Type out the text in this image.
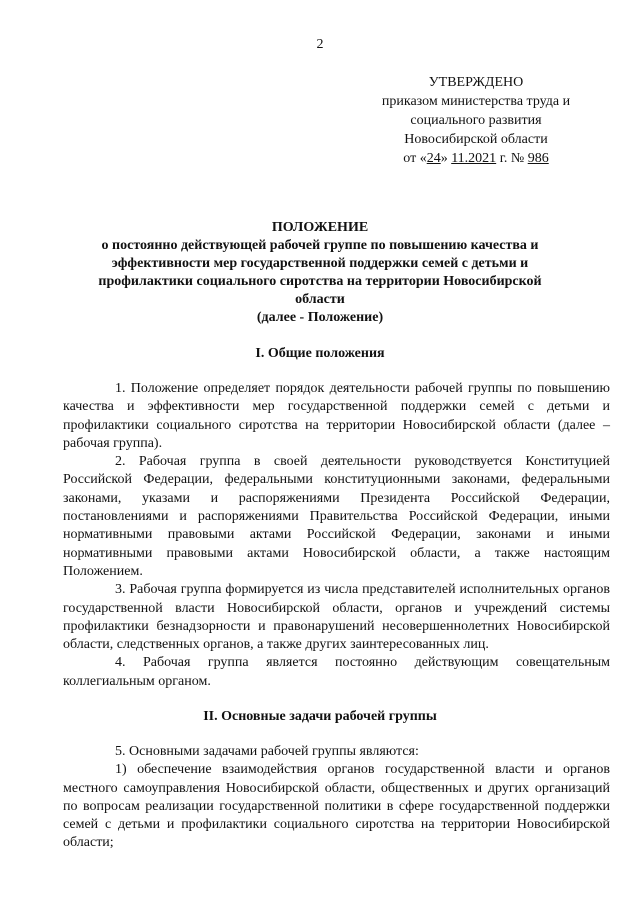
2
УТВЕРЖДЕНО
приказом министерства труда и
социального развития
Новосибирской области
от «24» 11.2021 г. № 986
ПОЛОЖЕНИЕ
о постоянно действующей рабочей группе по повышению качества и эффективности мер государственной поддержки семей с детьми и профилактики социального сиротства на территории Новосибирской области
(далее - Положение)
I. Общие положения

1. Положение определяет порядок деятельности рабочей группы по повышению качества и эффективности мер государственной поддержки семей с детьми и профилактики социального сиротства на территории Новосибирской области (далее – рабочая группа).

2. Рабочая группа в своей деятельности руководствуется Конституцией Российской Федерации, федеральными конституционными законами, федеральными законами, указами и распоряжениями Президента Российской Федерации, постановлениями и распоряжениями Правительства Российской Федерации, иными нормативными правовыми актами Российской Федерации, законами и иными нормативными правовыми актами Новосибирской области, а также настоящим Положением.

3. Рабочая группа формируется из числа представителей исполнительных органов государственной власти Новосибирской области, органов и учреждений системы профилактики безнадзорности и правонарушений несовершеннолетних Новосибирской области, следственных органов, а также других заинтересованных лиц.

4. Рабочая группа является постоянно действующим совещательным коллегиальным органом.

II. Основные задачи рабочей группы

5. Основными задачами рабочей группы являются:

1) обеспечение взаимодействия органов государственной власти и органов местного самоуправления Новосибирской области, общественных и других организаций по вопросам реализации государственной политики в сфере государственной поддержки семей с детьми и профилактики социального сиротства на территории Новосибирской области;
